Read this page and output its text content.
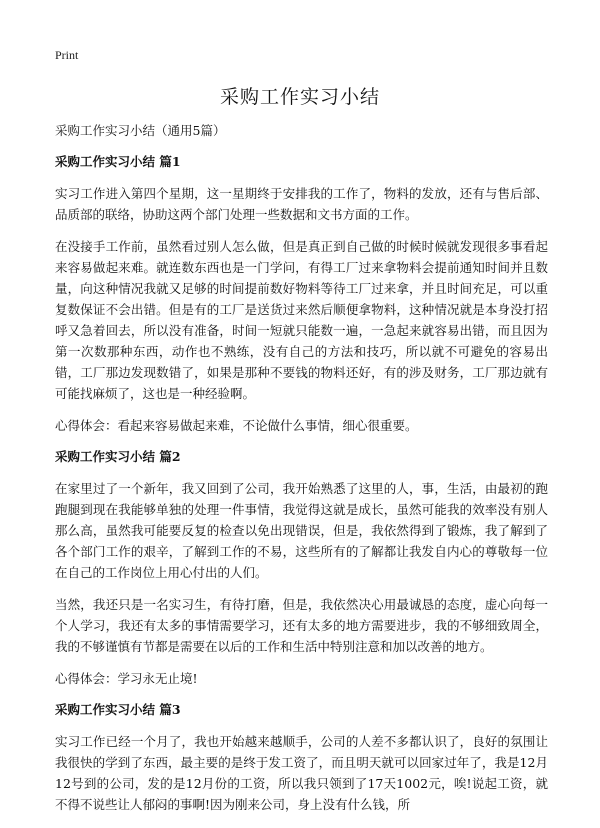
Print
采购工作实习小结

采购工作实习小结（通用5篇）

采购工作实习小结 篇1

实习工作进入第四个星期，这一星期终于安排我的工作了，物料的发放，还有与售后部、品质部的联络，协助这两个部门处理一些数据和文书方面的工作。

在没接手工作前，虽然看过别人怎么做，但是真正到自己做的时候时候就发现很多事看起来容易做起来难。就连数东西也是一门学问，有得工厂过来拿物料会提前通知时间并且数量，向这种情况我就又足够的时间提前数好物料等待工厂过来拿，并且时间充足，可以重复数保证不会出错。但是有的工厂是送货过来然后顺便拿物料，这种情况就是本身没打招呼又急着回去，所以没有准备，时间一短就只能数一遍，一急起来就容易出错，而且因为第一次数那种东西，动作也不熟练，没有自己的方法和技巧，所以就不可避免的容易出错，工厂那边发现数错了，如果是那种不要钱的物料还好，有的涉及财务，工厂那边就有可能找麻烦了，这也是一种经验啊。

心得体会：看起来容易做起来难，不论做什么事情，细心很重要。

采购工作实习小结 篇2

在家里过了一个新年，我又回到了公司，我开始熟悉了这里的人，事，生活，由最初的跑跑腿到现在我能够单独的处理一件事情，我觉得这就是成长，虽然可能我的效率没有别人那么高，虽然我可能要反复的检查以免出现错误，但是，我依然得到了锻炼，我了解到了各个部门工作的艰辛，了解到工作的不易，这些所有的了解都让我发自内心的尊敬每一位在自己的工作岗位上用心付出的人们。

当然，我还只是一名实习生，有待打磨，但是，我依然决心用最诚恳的态度，虚心向每一个人学习，我还有太多的事情需要学习，还有太多的地方需要进步，我的不够细致周全，我的不够谨慎有节都是需要在以后的工作和生活中特别注意和加以改善的地方。

心得体会：学习永无止境!

采购工作实习小结 篇3

实习工作已经一个月了，我也开始越来越顺手，公司的人差不多都认识了，良好的氛围让我很快的学到了东西，最主要的是终于发工资了，而且明天就可以回家过年了，我是12月12号到的公司，发的是12月份的工资，所以我只领到了17天1002元，唉!说起工资，就不得不说些让人郁闷的事啊!因为刚来公司，身上没有什么钱，所
